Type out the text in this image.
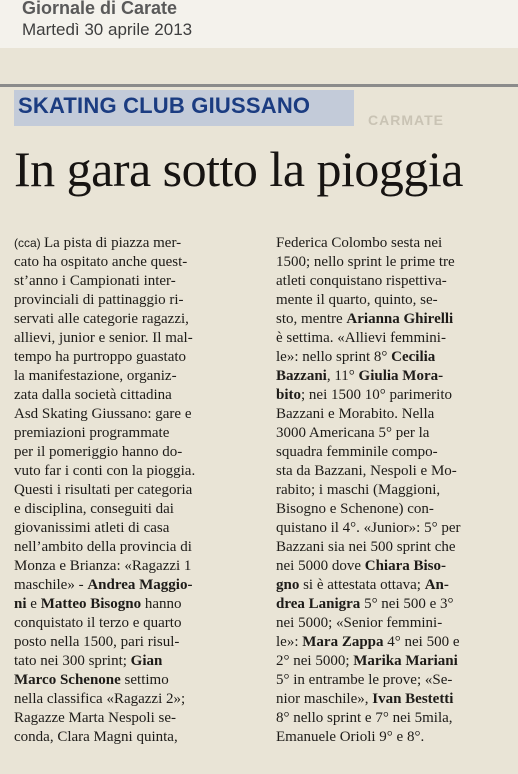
Giornale di Carate
Martedì 30 aprile 2013
CARMATE
SKATING CLUB GIUSSANO
In gara sotto la pioggia
(cca) La pista di piazza mer-
cato ha ospitato anche quest-
st’anno i Campionati inter-
provinciali di pattinaggio ri-
servati alle categorie ragazzi,
allievi, junior e senior. Il mal-
tempo ha purtroppo guastato
la manifestazione, organiz-
zata dalla società cittadina
Asd Skating Giussano: gare e
premiazioni programmate
per il pomeriggio hanno do-
vuto far i conti con la pioggia.
Questi i risultati per categoria
e disciplina, conseguiti dai
giovanissimi atleti di casa
nell’ambito della provincia di
Monza e Brianza: «Ragazzi 1
maschile» - Andrea Maggio-
ni e Matteo Bisogno hanno
conquistato il terzo e quarto
posto nella 1500, pari risul-
tato nei 300 sprint; Gian
Marco Schenone settimo
nella classifica «Ragazzi 2»;
Ragazze Marta Nespoli se-
conda, Clara Magni quinta,
Federica Colombo sesta nei
1500; nello sprint le prime tre
atleti conquistano rispettiva-
mente il quarto, quinto, se-
sto, mentre Arianna Ghirelli
è settima. «Allievi femmini-
le»: nello sprint 8° Cecilia
Bazzani, 11° Giulia Mora-
bito; nei 1500 10° parimerito
Bazzani e Morabito. Nella
3000 Americana 5° per la
squadra femminile compo-
sta da Bazzani, Nespoli e Mo-
rabito; i maschi (Maggioni,
Bisogno e Schenone) con-
quistano il 4°. «Junior»: 5° per
Bazzani sia nei 500 sprint che
nei 5000 dove Chiara Biso-
gno si è attestata ottava; An-
drea Lanigra 5° nei 500 e 3°
nei 5000; «Senior femmini-
le»: Mara Zappa 4° nei 500 e
2° nei 5000; Marika Mariani
5° in entrambe le prove; «Se-
nior maschile», Ivan Bestetti
8° nello sprint e 7° nei 5mila,
Emanuele Orioli 9° e 8°.
